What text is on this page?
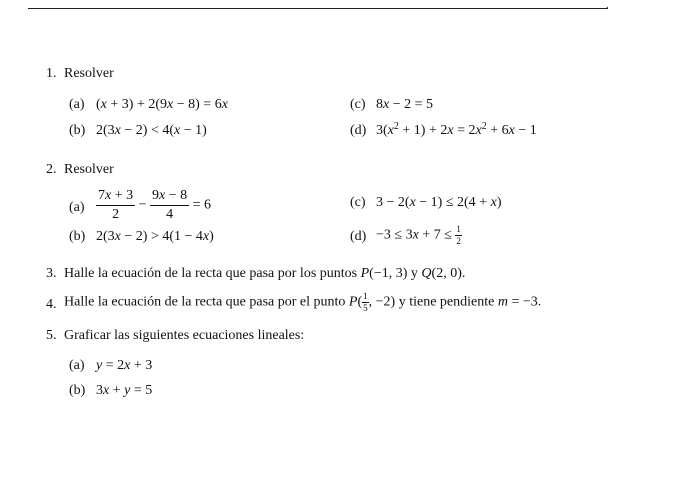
.
1. Resolver
(a) (x + 3) + 2(9x − 8) = 6x
(b) 2(3x − 2) < 4(x − 1)
(c) 8x − 2 = 5
(d) $3(x^2 + 1) + 2x = 2x^2 + 6x - 1$
2. Resolver
$(a) \frac{7x + 3}{2} - \frac{9x - 8}{4} = 6$
(b) 2(3x − 2) > 4(1 − 4x)
(c) 3 − 2(x − 1) ≤ 2(4 + x)
$(d) -3 \le 3x + 7 \le \frac{1}{2}$
3. Halle la ecuación de la recta que pasa por los puntos P(−1, 3) y Q(2, 0).
4. Halle la ecuación de la recta que pasa por el punto $P( \frac{1}{5}$ , −2) y tiene pendiente m = −3.
5. Graficar las siguientes ecuaciones lineales:
(a) y = 2x + 3
(b) 3x + y = 5
